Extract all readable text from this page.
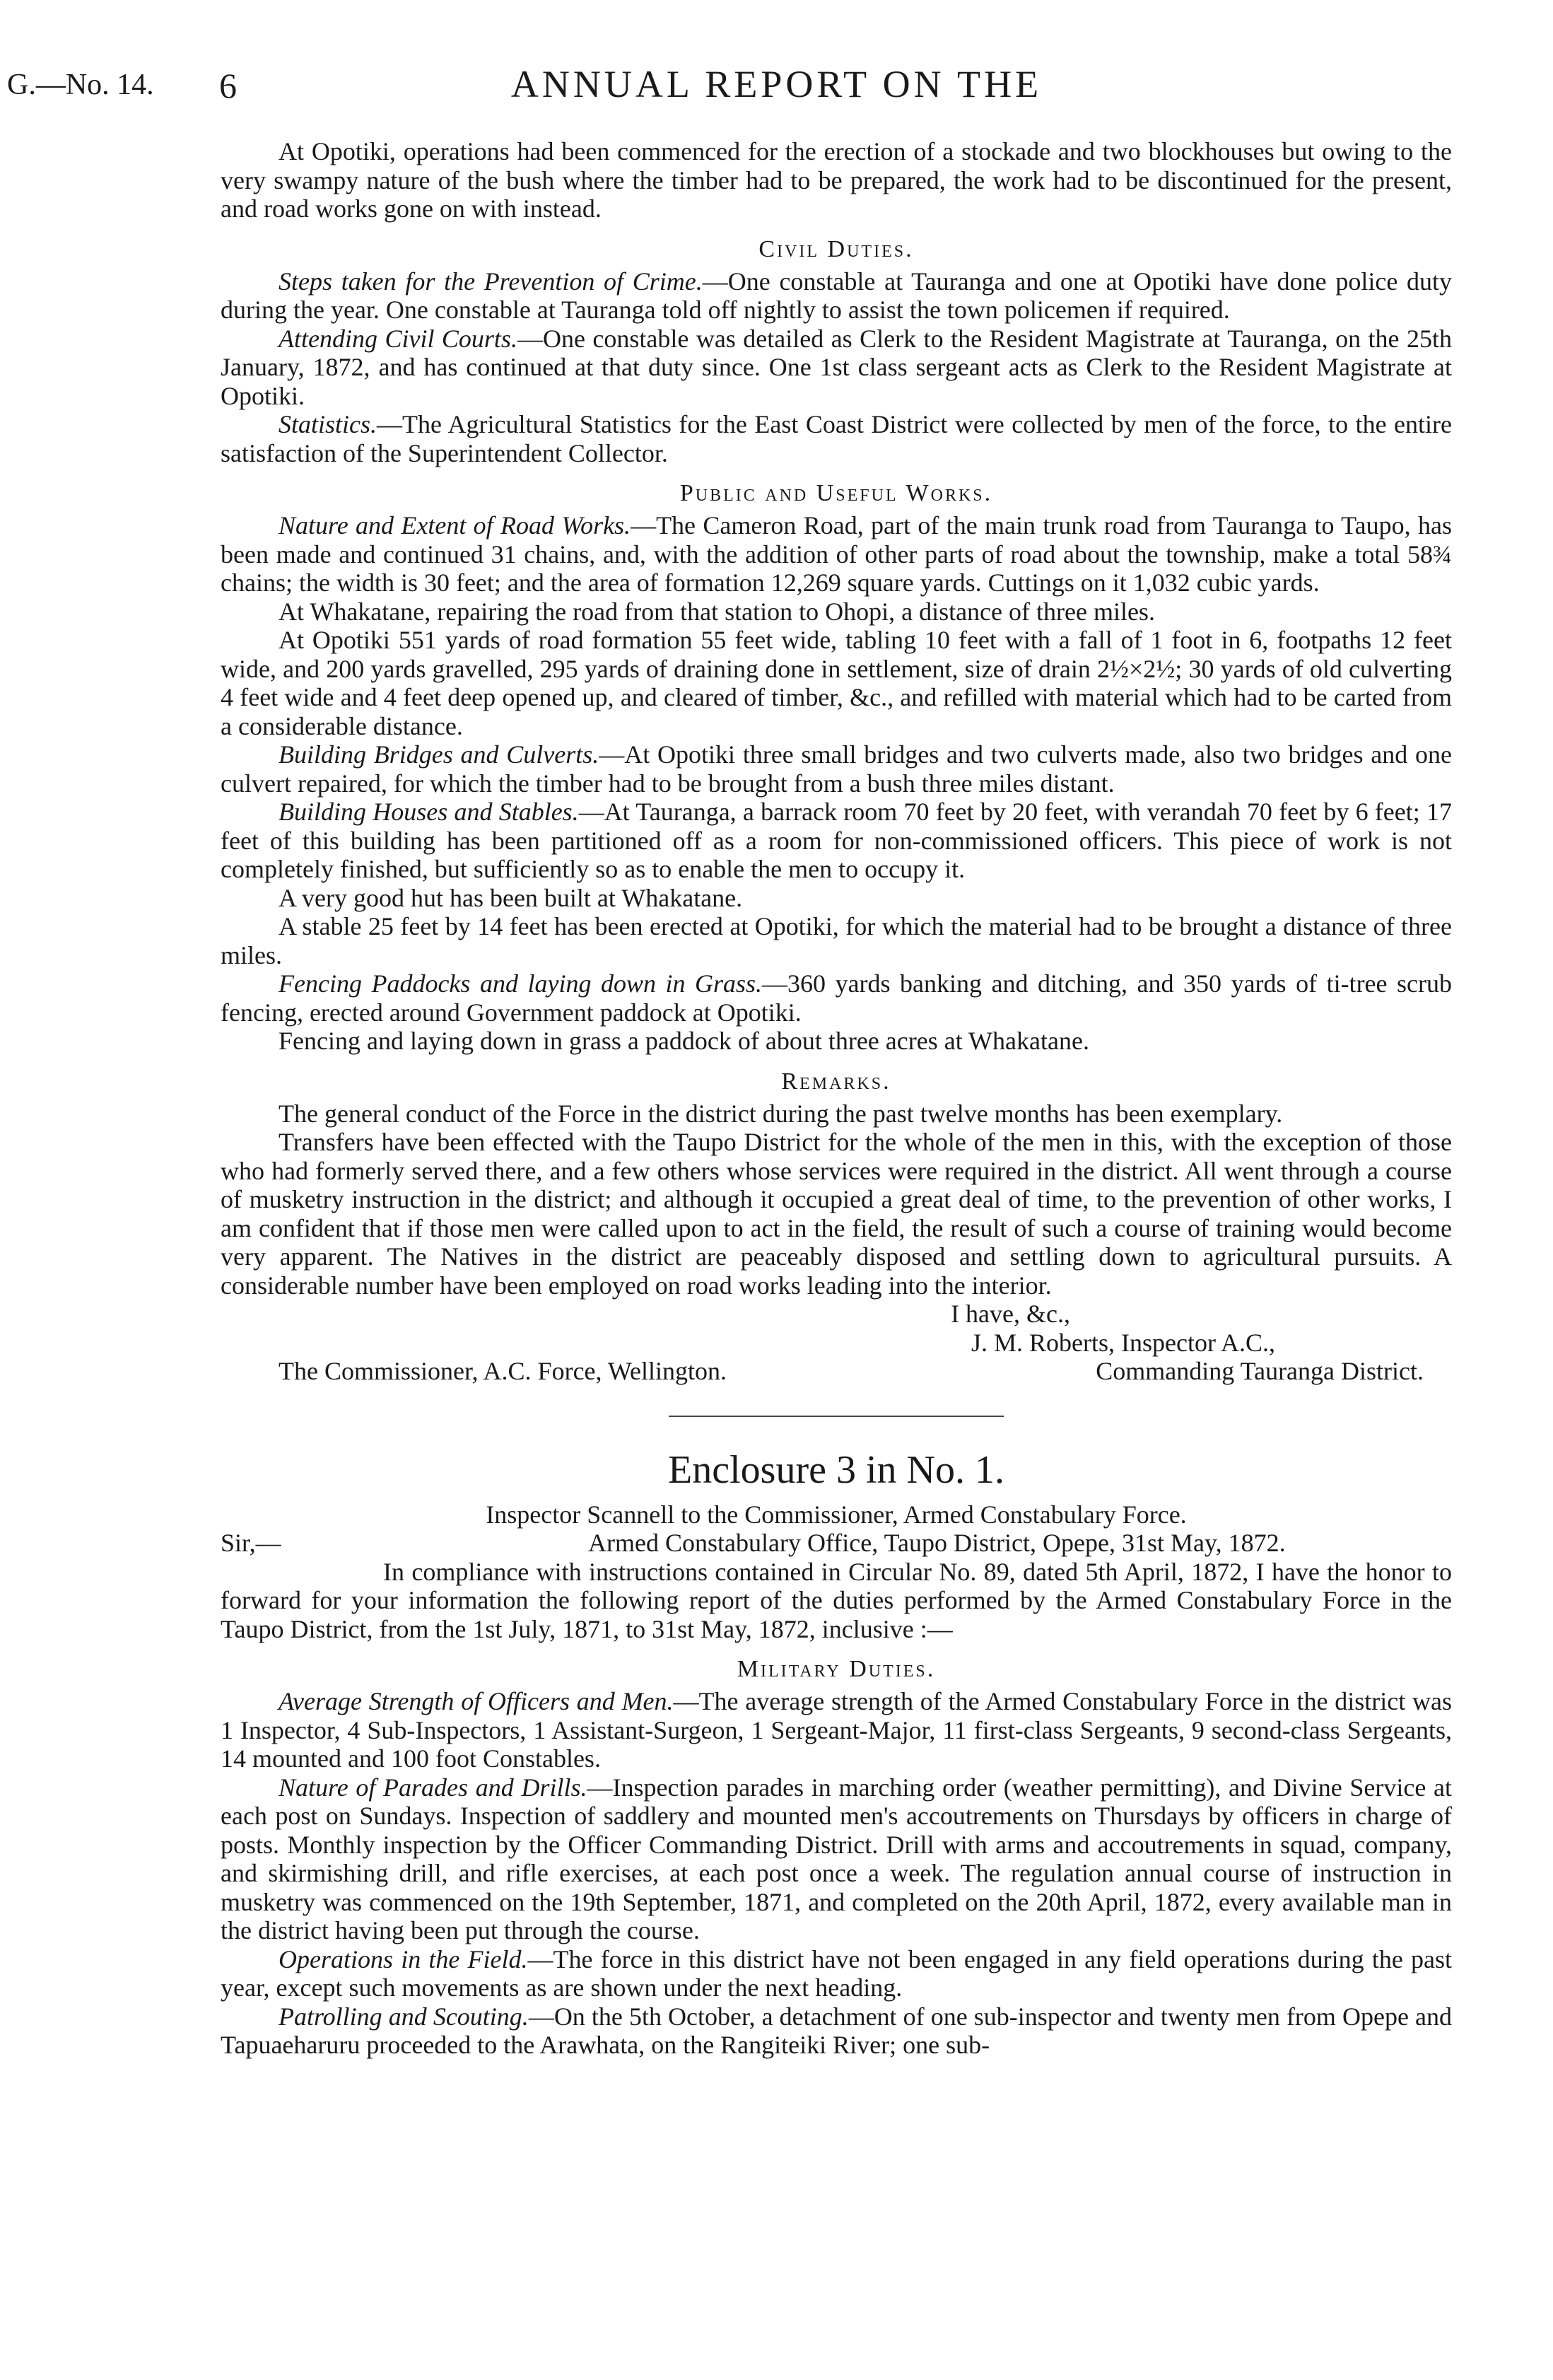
G.—No. 14. 6	ANNUAL REPORT ON THE

At Opotiki, operations had been commenced for the erection of a stockade and two blockhouses but owing to the very swampy nature of the bush where the timber had to be prepared, the work had to be discontinued for the present, and road works gone on with instead.

Civil Duties.

Steps taken for the Prevention of Crime.—One constable at Tauranga and one at Opotiki have done police duty during the year. One constable at Tauranga told off nightly to assist the town policemen if required.

Attending Civil Courts.—One constable was detailed as Clerk to the Resident Magistrate at Tauranga, on the 25th January, 1872, and has continued at that duty since. One 1st class sergeant acts as Clerk to the Resident Magistrate at Opotiki.

Statistics.—The Agricultural Statistics for the East Coast District were collected by men of the force, to the entire satisfaction of the Superintendent Collector.

Public and Useful Works.

Nature and Extent of Road Works.—The Cameron Road, part of the main trunk road from Tauranga to Taupo, has been made and continued 31 chains, and, with the addition of other parts of road about the township, make a total 58¾ chains; the width is 30 feet; and the area of formation 12,269 square yards. Cuttings on it 1,032 cubic yards.

At Whakatane, repairing the road from that station to Ohopi, a distance of three miles.

At Opotiki 551 yards of road formation 55 feet wide, tabling 10 feet with a fall of 1 foot in 6, footpaths 12 feet wide, and 200 yards gravelled, 295 yards of draining done in settlement, size of drain 2½×2½; 30 yards of old culverting 4 feet wide and 4 feet deep opened up, and cleared of timber, &c., and refilled with material which had to be carted from a considerable distance.

Building Bridges and Culverts.—At Opotiki three small bridges and two culverts made, also two bridges and one culvert repaired, for which the timber had to be brought from a bush three miles distant.

Building Houses and Stables.—At Tauranga, a barrack room 70 feet by 20 feet, with verandah 70 feet by 6 feet; 17 feet of this building has been partitioned off as a room for non-commissioned officers. This piece of work is not completely finished, but sufficiently so as to enable the men to occupy it.

A very good hut has been built at Whakatane.

A stable 25 feet by 14 feet has been erected at Opotiki, for which the material had to be brought a distance of three miles.

Fencing Paddocks and laying down in Grass.—360 yards banking and ditching, and 350 yards of ti-tree scrub fencing, erected around Government paddock at Opotiki.

Fencing and laying down in grass a paddock of about three acres at Whakatane.

Remarks.

The general conduct of the Force in the district during the past twelve months has been exemplary.

Transfers have been effected with the Taupo District for the whole of the men in this, with the exception of those who had formerly served there, and a few others whose services were required in the district. All went through a course of musketry instruction in the district; and although it occupied a great deal of time, to the prevention of other works, I am confident that if those men were called upon to act in the field, the result of such a course of training would become very apparent. The Natives in the district are peaceably disposed and settling down to agricultural pursuits. A considerable number have been employed on road works leading into the interior.

I have, &c.,

J. M. Roberts, Inspector A.C.,

The Commissioner, A.C. Force, Wellington.	Commanding Tauranga District.
Enclosure 3 in No. 1.

Inspector Scannell to the Commissioner, Armed Constabulary Force.

Sir,—	Armed Constabulary Office, Taupo District, Opepe, 31st May, 1872.

In compliance with instructions contained in Circular No. 89, dated 5th April, 1872, I have the honor to forward for your information the following report of the duties performed by the Armed Constabulary Force in the Taupo District, from the 1st July, 1871, to 31st May, 1872, inclusive :—

Military Duties.

Average Strength of Officers and Men.—The average strength of the Armed Constabulary Force in the district was 1 Inspector, 4 Sub-Inspectors, 1 Assistant-Surgeon, 1 Sergeant-Major, 11 first-class Sergeants, 9 second-class Sergeants, 14 mounted and 100 foot Constables.

Nature of Parades and Drills.—Inspection parades in marching order (weather permitting), and Divine Service at each post on Sundays. Inspection of saddlery and mounted men's accoutrements on Thursdays by officers in charge of posts. Monthly inspection by the Officer Commanding District. Drill with arms and accoutrements in squad, company, and skirmishing drill, and rifle exercises, at each post once a week. The regulation annual course of instruction in musketry was commenced on the 19th September, 1871, and completed on the 20th April, 1872, every available man in the district having been put through the course.

Operations in the Field.—The force in this district have not been engaged in any field operations during the past year, except such movements as are shown under the next heading.

Patrolling and Scouting.—On the 5th October, a detachment of one sub-inspector and twenty men from Opepe and Tapuaeharuru proceeded to the Arawhata, on the Rangiteiki River; one sub-
